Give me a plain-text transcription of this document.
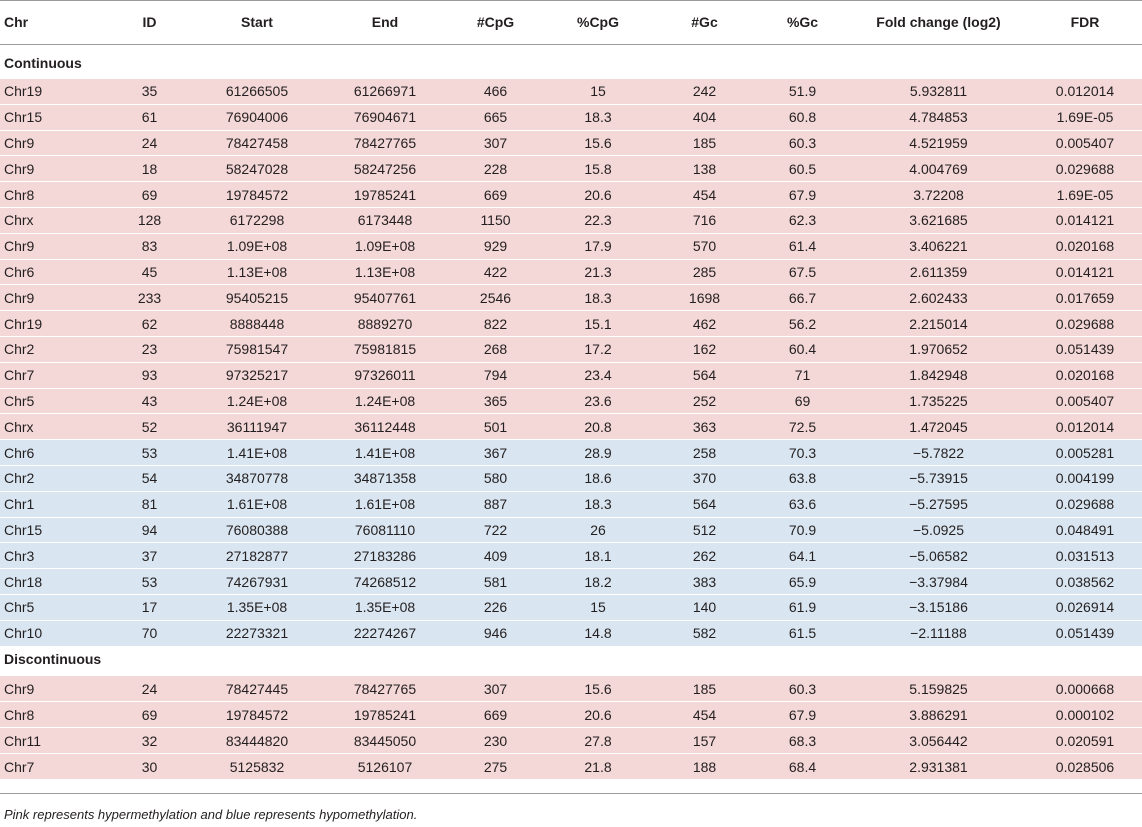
Chr	ID	Start	End	#CpG	%CpG	#Gc	%Gc	Fold change (log2)	FDR
Continuous									
Chr19	35	61266505	61266971	466	15	242	51.9	5.932811	0.012014
Chr15	61	76904006	76904671	665	18.3	404	60.8	4.784853	1.69E-05
Chr9	24	78427458	78427765	307	15.6	185	60.3	4.521959	0.005407
Chr9	18	58247028	58247256	228	15.8	138	60.5	4.004769	0.029688
Chr8	69	19784572	19785241	669	20.6	454	67.9	3.72208	1.69E-05
Chrx	128	6172298	6173448	1150	22.3	716	62.3	3.621685	0.014121
Chr9	83	1.09E+08	1.09E+08	929	17.9	570	61.4	3.406221	0.020168
Chr6	45	1.13E+08	1.13E+08	422	21.3	285	67.5	2.611359	0.014121
Chr9	233	95405215	95407761	2546	18.3	1698	66.7	2.602433	0.017659
Chr19	62	8888448	8889270	822	15.1	462	56.2	2.215014	0.029688
Chr2	23	75981547	75981815	268	17.2	162	60.4	1.970652	0.051439
Chr7	93	97325217	97326011	794	23.4	564	71	1.842948	0.020168
Chr5	43	1.24E+08	1.24E+08	365	23.6	252	69	1.735225	0.005407
Chrx	52	36111947	36112448	501	20.8	363	72.5	1.472045	0.012014
Chr6	53	1.41E+08	1.41E+08	367	28.9	258	70.3	−5.7822	0.005281
Chr2	54	34870778	34871358	580	18.6	370	63.8	−5.73915	0.004199
Chr1	81	1.61E+08	1.61E+08	887	18.3	564	63.6	−5.27595	0.029688
Chr15	94	76080388	76081110	722	26	512	70.9	−5.0925	0.048491
Chr3	37	27182877	27183286	409	18.1	262	64.1	−5.06582	0.031513
Chr18	53	74267931	74268512	581	18.2	383	65.9	−3.37984	0.038562
Chr5	17	1.35E+08	1.35E+08	226	15	140	61.9	−3.15186	0.026914
Chr10	70	22273321	22274267	946	14.8	582	61.5	−2.11188	0.051439
Discontinuous									
Chr9	24	78427445	78427765	307	15.6	185	60.3	5.159825	0.000668
Chr8	69	19784572	19785241	669	20.6	454	67.9	3.886291	0.000102
Chr11	32	83444820	83445050	230	27.8	157	68.3	3.056442	0.020591
Chr7	30	5125832	5126107	275	21.8	188	68.4	2.931381	0.028506
Pink represents hypermethylation and blue represents hypomethylation.
